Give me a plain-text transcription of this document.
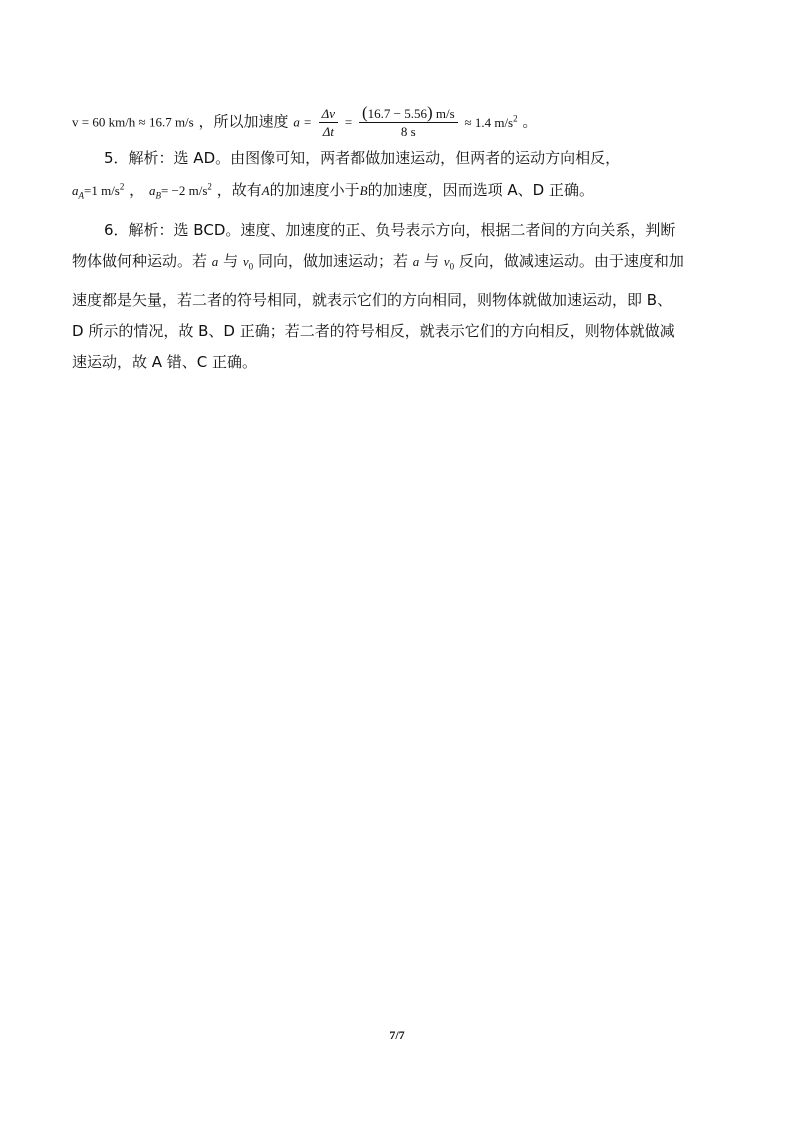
v = 60 km/h ≈ 16.7 m/s ，所以加速度 $a = \frac{\Delta v}{\Delta t} = \frac{(16.7 - 5.56) m/s}{8 s} \approx 1.4$ $m/s^2$ 。
5．解析：选 AD。由图像可知，两者都做加速运动，但两者的运动方向相反，
$a_A=1$ $m/s^2$ ， $a_B= -2$ $m/s^2$ ，故有A的加速度小于B的加速度，因而选项 A、D 正确。
6．解析：选 BCD。速度、加速度的正、负号表示方向，根据二者间的方向关系，判断
物体做何种运动。若 a 与 $v_0$ 同向，做加速运动；若 a 与 $v_0$ 反向，做减速运动。由于速度和加
速度都是矢量，若二者的符号相同，就表示它们的方向相同，则物体就做加速运动，即 B、
D 所示的情况，故 B、D 正确；若二者的符号相反，就表示它们的方向相反，则物体就做减
速运动，故 A 错、C 正确。
7/7
